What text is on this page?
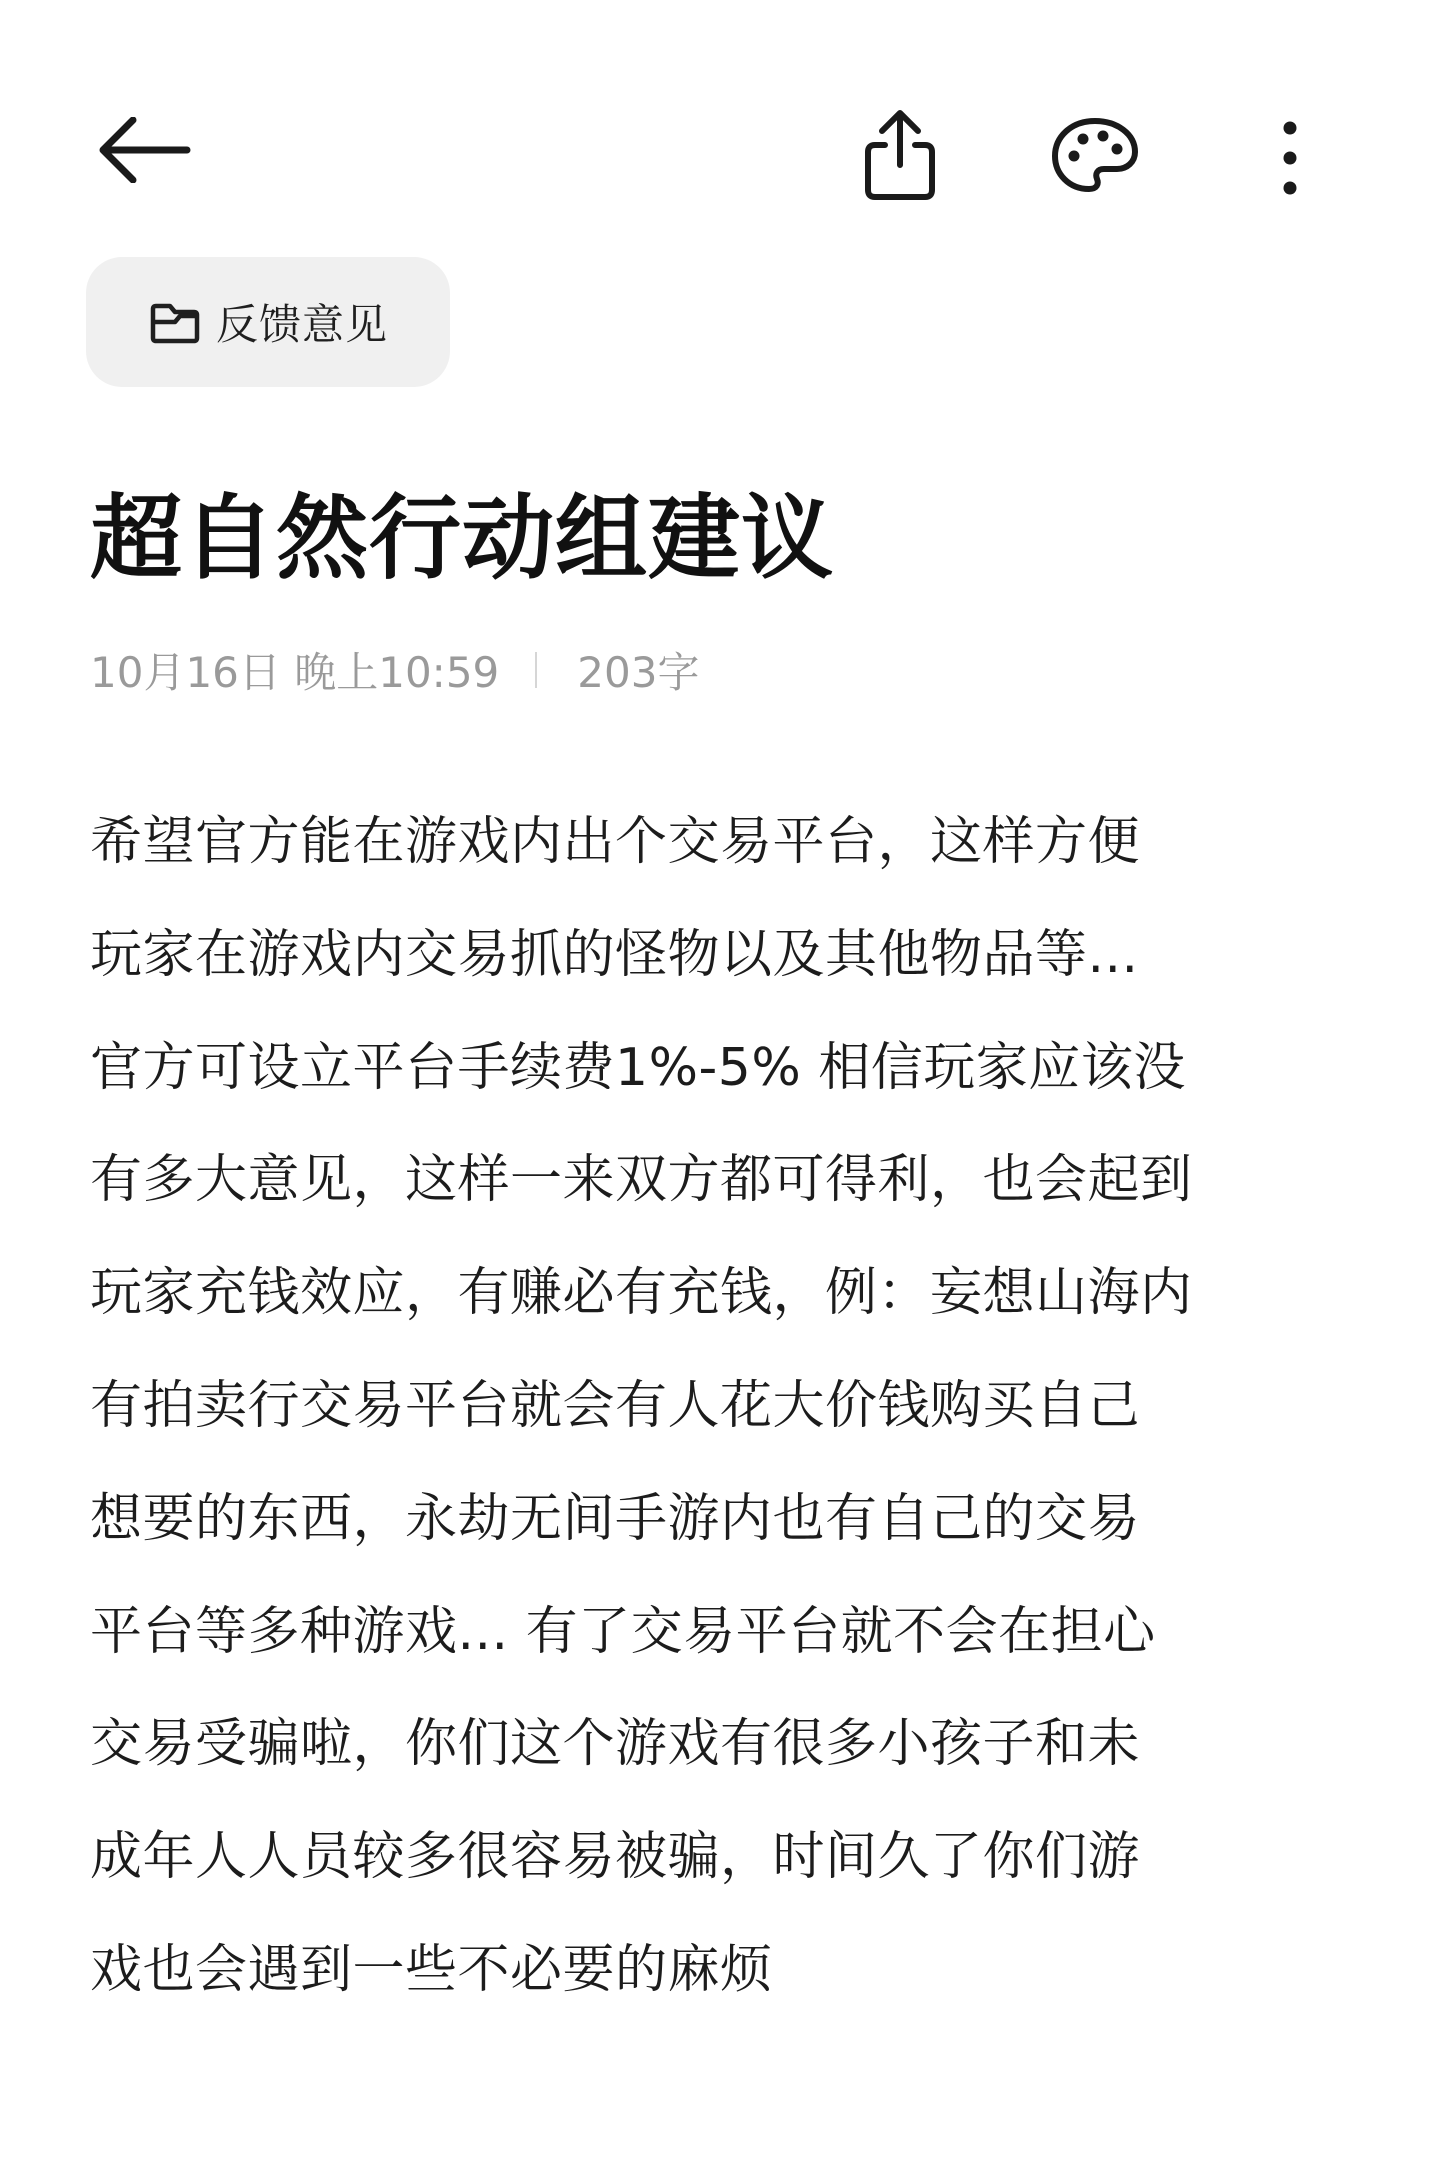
反馈意见
超自然行动组建议
10月16日 晚上10:59 203字
希望官方能在游戏内出个交易平台，这样方便
玩家在游戏内交易抓的怪物以及其他物品等...
官方可设立平台手续费1%-5% 相信玩家应该没
有多大意见，这样一来双方都可得利，也会起到
玩家充钱效应，有赚必有充钱，例：妄想山海内
有拍卖行交易平台就会有人花大价钱购买自己
想要的东西，永劫无间手游内也有自己的交易
平台等多种游戏... 有了交易平台就不会在担心
交易受骗啦，你们这个游戏有很多小孩子和未
成年人人员较多很容易被骗，时间久了你们游
戏也会遇到一些不必要的麻烦
